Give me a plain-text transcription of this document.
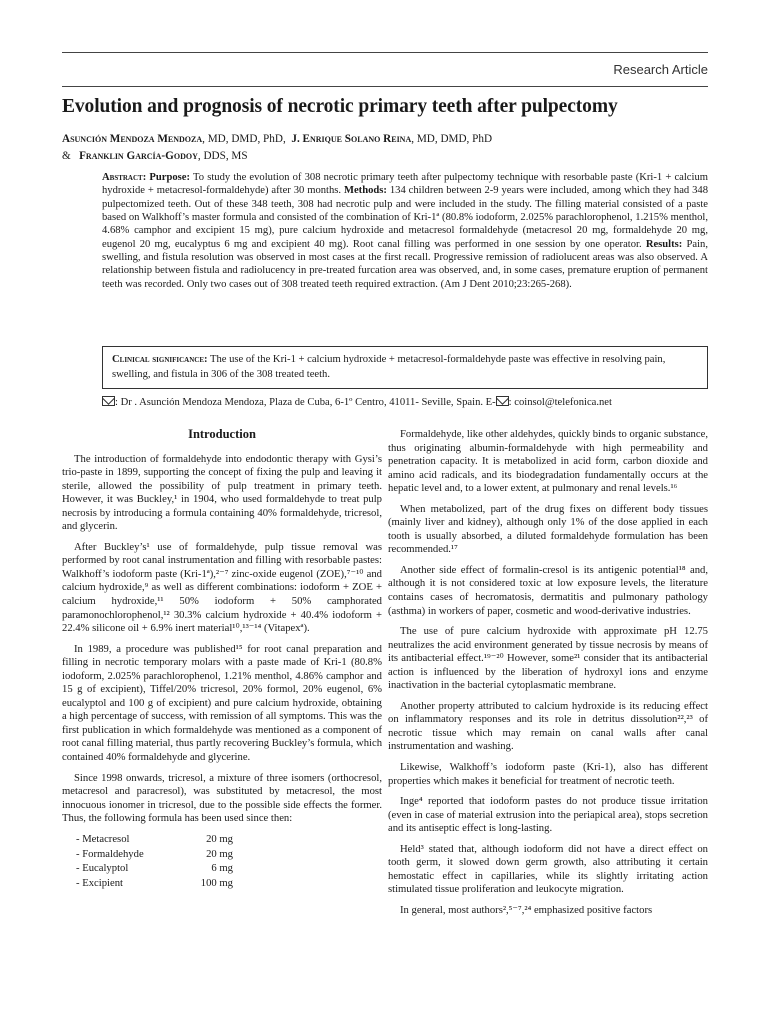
Research Article
Evolution and prognosis of necrotic primary teeth after pulpectomy
Asunción Mendoza Mendoza, MD, DMD, PhD, J. Enrique Solano Reina, MD, DMD, PhD
& Franklin García-Godoy, DDS, MS
Abstract: Purpose: To study the evolution of 308 necrotic primary teeth after pulpectomy technique with resorbable paste (Kri-1 + calcium hydroxide + metacresol-formaldehyde) after 30 months. Methods: 134 children between 2-9 years were included, among which they had 348 pulpectomized teeth. Out of these 348 teeth, 308 had necrotic pulp and were included in the study. The filling material consisted of a paste based on Walkhoff’s master formula and consisted of the combination of Kri-1ª (80.8% iodoform, 2.025% parachlorophenol, 1.215% menthol, 4.68% camphor and excipient 15 mg), pure calcium hydroxide and metacresol formaldehyde (metacresol 20 mg, formaldehyde 20 mg, eugenol 20 mg, eucalyptus 6 mg and excipient 40 mg). Root canal filling was performed in one session by one operator. Results: Pain, swelling, and fistula resolution was observed in most cases at the first recall. Progressive remission of radiolucent areas was also observed. A relationship between fistula and radiolucency in pre-treated furcation area was observed, and, in some cases, premature eruption of permanent teeth was recorded. Only two cases out of 308 treated teeth required extraction. (Am J Dent 2010;23:265-268).
Clinical significance: The use of the Kri-1 + calcium hydroxide + metacresol-formaldehyde paste was effective in resolving pain, swelling, and fistula in 306 of the 308 treated teeth.
: Dr . Asunción Mendoza Mendoza, Plaza de Cuba, 6-1º Centro, 41011- Seville, Spain. E- : coinsol@telefonica.net
Introduction

The introduction of formaldehyde into endodontic therapy with Gysi’s trio-paste in 1899, supporting the concept of fixing the pulp and leaving it sterile, allowed the possibility of pulp treatment in primary teeth. However, it was Buckley,¹ in 1904, who used formaldehyde to treat pulp necrosis by introducing a formula containing 40% formaldehyde, tricresol, and glycerin.

After Buckley’s¹ use of formaldehyde, pulp tissue removal was performed by root canal instrumentation and filling with resorbable pastes: Walkhoff’s iodoform paste (Kri-1ª),²⁻⁷ zinc-oxide eugenol (ZOE),⁷⁻¹⁰ and calcium hydroxide,⁹ as well as different combinations: iodoform + ZOE + calcium hydroxide,¹¹ 50% iodoform + 50% camphorated paramonochlorophenol,¹² 30.3% calcium hydroxide + 40.4% iodoform + 22.4% silicone oil + 6.9% inert material¹⁰,¹³⁻¹⁴ (Vitapexª).

In 1989, a procedure was published¹⁵ for root canal preparation and filling in necrotic temporary molars with a paste made of Kri-1 (80.8% iodoform, 2.025% parachlorophenol, 1.21% menthol, 4.86% camphor and 15 g of excipient), Tiffel/20% tricresol, 20% formol, 20% eugenol, 6% eucalyptol and 100 g of excipient) and pure calcium hydroxide, obtaining a high percentage of success, with remission of all symptoms. This was the first publication in which formaldehyde was mentioned as a component of root canal filling material, thus partly recovering Buckley’s formula, which contained 40% formaldehyde and glycerine.

Since 1998 onwards, tricresol, a mixture of three isomers (orthocresol, metacresol and paracresol), was substituted by metacresol, the most innocuous ionomer in tricresol, due to the possible side effects the former. Thus, the following formula has been used since then:

- Metacresol	20 mg
- Formaldehyde	20 mg
- Eucalyptol	6 mg
- Excipient	100 mg

Formaldehyde, like other aldehydes, quickly binds to organic substance, thus originating albumin-formaldehyde with high permeability and penetration capacity. It is metabolized in acid form, carbon dioxide and amino acid radicals, and its biodegradation fundamentally occurs at the hepatic level and, to a lower extent, at pulmonary and renal levels.¹⁶

When metabolized, part of the drug fixes on different body tissues (mainly liver and kidney), although only 1% of the dose applied in each tooth is usually absorbed, a diluted formaldehyde formulation has been recommended.¹⁷

Another side effect of formalin-cresol is its antigenic potential¹⁸ and, although it is not considered toxic at low exposure levels, the literature contains cases of hecromatosis, dermatitis and pulmonary pathology (asthma) in workers of paper, cosmetic and wood-derivative industries.

The use of pure calcium hydroxide with approximate pH 12.75 neutralizes the acid environment generated by tissue necrosis by means of its antibacterial effect.¹⁹⁻²⁰ However, some²¹ consider that its antibacterial action is influenced by the liberation of hydroxyl ions and enzyme inactivation in the bacterial cytoplasmatic membrane.

Another property attributed to calcium hydroxide is its reducing effect on inflammatory responses and its role in detritus dissolution²²,²³ of necrotic tissue which may remain on canal walls after canal instrumentation and washing.

Likewise, Walkhoff’s iodoform paste (Kri-1), also has different properties which makes it beneficial for treatment of necrotic teeth.

Inge⁴ reported that iodoform pastes do not produce tissue irritation (even in case of material extrusion into the periapical area), stops secretion and its antiseptic effect is long-lasting.

Held³ stated that, although iodoform did not have a direct effect on tooth germ, it slowed down germ growth, also attributing it certain hemostatic effect in capillaries, while its slightly irritating action stimulated tissue proliferation and leukocyte migration.

In general, most authors²,⁵⁻⁷,²⁴ emphasized positive factors
